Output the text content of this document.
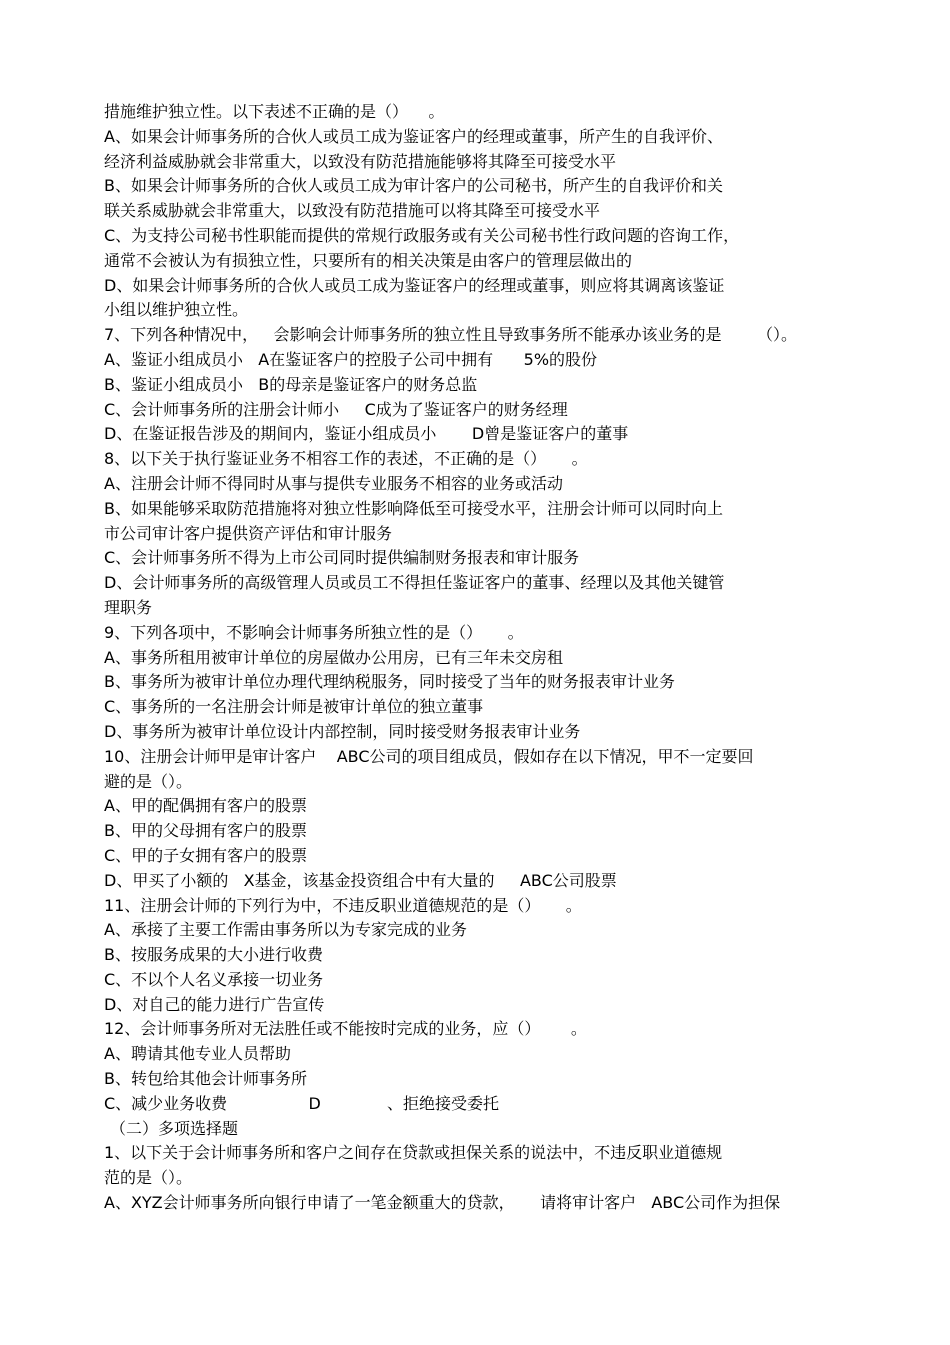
措施维护独立性。以下表述不正确的是（）    。
A、如果会计师事务所的合伙人或员工成为鉴证客户的经理或董事，所产生的自我评价、
经济利益威胁就会非常重大，以致没有防范措施能够将其降至可接受水平
B、如果会计师事务所的合伙人或员工成为审计客户的公司秘书，所产生的自我评价和关
联关系威胁就会非常重大，以致没有防范措施可以将其降至可接受水平
C、为支持公司秘书性职能而提供的常规行政服务或有关公司秘书性行政问题的咨询工作，
通常不会被认为有损独立性，只要所有的相关决策是由客户的管理层做出的
D、如果会计师事务所的合伙人或员工成为鉴证客户的经理或董事，则应将其调离该鉴证
小组以维护独立性。
7、下列各种情况中，   会影响会计师事务所的独立性且导致事务所不能承办该业务的是       （）。
A、鉴证小组成员小   A在鉴证客户的控股子公司中拥有      5%的股份
B、鉴证小组成员小   B的母亲是鉴证客户的财务总监
C、会计师事务所的注册会计师小     C成为了鉴证客户的财务经理
D、在鉴证报告涉及的期间内，鉴证小组成员小       D曾是鉴证客户的董事
8、以下关于执行鉴证业务不相容工作的表述，不正确的是（）     。
A、注册会计师不得同时从事与提供专业服务不相容的业务或活动
B、如果能够采取防范措施将对独立性影响降低至可接受水平，注册会计师可以同时向上
市公司审计客户提供资产评估和审计服务
C、会计师事务所不得为上市公司同时提供编制财务报表和审计服务
D、会计师事务所的高级管理人员或员工不得担任鉴证客户的董事、经理以及其他关键管
理职务
9、下列各项中，不影响会计师事务所独立性的是（）     。
A、事务所租用被审计单位的房屋做办公用房，已有三年未交房租
B、事务所为被审计单位办理代理纳税服务，同时接受了当年的财务报表审计业务
C、事务所的一名注册会计师是被审计单位的独立董事
D、事务所为被审计单位设计内部控制，同时接受财务报表审计业务
10、注册会计师甲是审计客户    ABC公司的项目组成员，假如存在以下情况，甲不一定要回
避的是（）。
A、甲的配偶拥有客户的股票
B、甲的父母拥有客户的股票
C、甲的子女拥有客户的股票
D、甲买了小额的   X基金，该基金投资组合中有大量的     ABC公司股票
11、注册会计师的下列行为中，不违反职业道德规范的是（）     。
A、承接了主要工作需由事务所以为专家完成的业务
B、按服务成果的大小进行收费
C、不以个人名义承接一切业务
D、对自己的能力进行广告宣传
12、会计师事务所对无法胜任或不能按时完成的业务，应（）      。
A、聘请其他专业人员帮助
B、转包给其他会计师事务所
C、减少业务收费                D             、拒绝接受委托
（二）多项选择题
1、以下关于会计师事务所和客户之间存在贷款或担保关系的说法中，不违反职业道德规
范的是（）。
A、XYZ会计师事务所向银行申请了一笔金额重大的贷款，     请将审计客户   ABC公司作为担保
